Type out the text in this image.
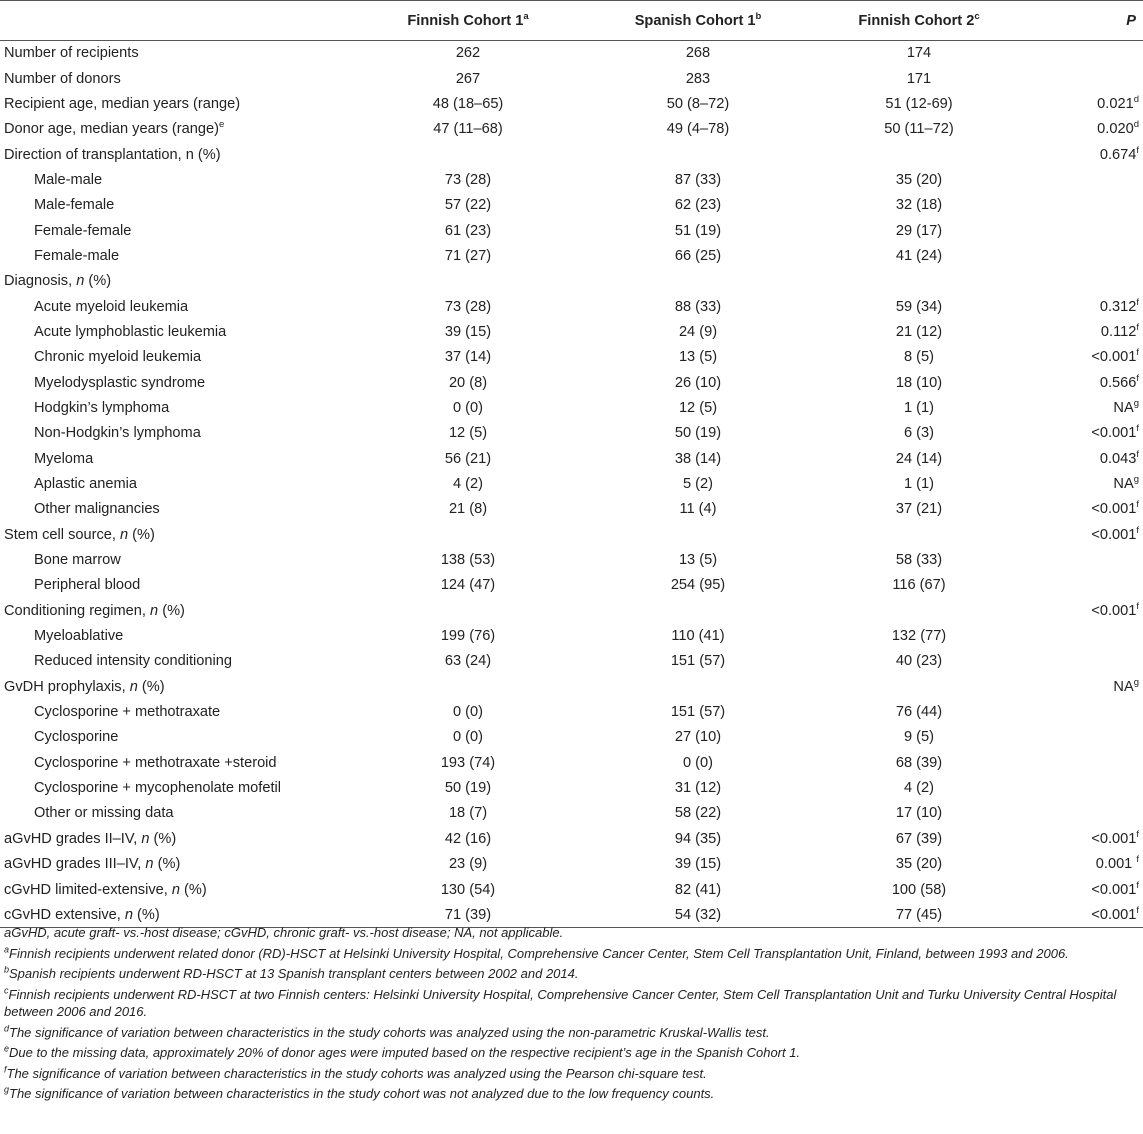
	Finnish Cohort 1$^a$	Spanish Cohort 1$^b$	Finnish Cohort 2$^c$	P
Number of recipients	262	268	174	
Number of donors	267	283	171	
Recipient age, median years (range)	48 (18–65)	50 (8–72)	51 (12-69)	0.021$^d$
Donor age, median years (range)$^e$	47 (11–68)	49 (4–78)	50 (11–72)	0.020$^d$
Direction of transplantation, n (%)				0.674$^f$
Male-male	73 (28)	87 (33)	35 (20)	
Male-female	57 (22)	62 (23)	32 (18)	
Female-female	61 (23)	51 (19)	29 (17)	
Female-male	71 (27)	66 (25)	41 (24)	
Diagnosis, n (%)				
Acute myeloid leukemia	73 (28)	88 (33)	59 (34)	0.312$^f$
Acute lymphoblastic leukemia	39 (15)	24 (9)	21 (12)	0.112$^f$
Chronic myeloid leukemia	37 (14)	13 (5)	8 (5)	<0.001$^f$
Myelodysplastic syndrome	20 (8)	26 (10)	18 (10)	0.566$^f$
Hodgkin’s lymphoma	0 (0)	12 (5)	1 (1)	$NA^g$
Non-Hodgkin’s lymphoma	12 (5)	50 (19)	6 (3)	<0.001$^f$
Myeloma	56 (21)	38 (14)	24 (14)	0.043$^f$
Aplastic anemia	4 (2)	5 (2)	1 (1)	$NA^g$
Other malignancies	21 (8)	11 (4)	37 (21)	<0.001$^f$
Stem cell source, n (%)				<0.001$^f$
Bone marrow	138 (53)	13 (5)	58 (33)	
Peripheral blood	124 (47)	254 (95)	116 (67)	
Conditioning regimen, n (%)				<0.001$^f$
Myeloablative	199 (76)	110 (41)	132 (77)	
Reduced intensity conditioning	63 (24)	151 (57)	40 (23)	
GvDH prophylaxis, n (%)				$NA^g$
Cyclosporine + methotraxate	0 (0)	151 (57)	76 (44)	
Cyclosporine	0 (0)	27 (10)	9 (5)	
Cyclosporine + methotraxate +steroid	193 (74)	0 (0)	68 (39)	
Cyclosporine + mycophenolate mofetil	50 (19)	31 (12)	4 (2)	
Other or missing data	18 (7)	58 (22)	17 (10)	
aGvHD grades II–IV, n (%)	42 (16)	94 (35)	67 (39)	<0.001$^f$
aGvHD grades III–IV, n (%)	23 (9)	39 (15)	35 (20)	0.001 $^f$
cGvHD limited-extensive, n (%)	130 (54)	82 (41)	100 (58)	<0.001$^f$
cGvHD extensive, n (%)	71 (39)	54 (32)	77 (45)	<0.001$^f$

aGvHD, acute graft- vs.-host disease; cGvHD, chronic graft- vs.-host disease; NA, not applicable.

$^a$Finnish recipients underwent related donor (RD)-HSCT at Helsinki University Hospital, Comprehensive Cancer Center, Stem Cell Transplantation Unit, Finland, between 1993 and 2006.

$^b$Spanish recipients underwent RD-HSCT at 13 Spanish transplant centers between 2002 and 2014.

$^c$Finnish recipients underwent RD-HSCT at two Finnish centers: Helsinki University Hospital, Comprehensive Cancer Center, Stem Cell Transplantation Unit and Turku University Central Hospital between 2006 and 2016.

$^d$The significance of variation between characteristics in the study cohorts was analyzed using the non-parametric Kruskal-Wallis test.

$^e$Due to the missing data, approximately 20% of donor ages were imputed based on the respective recipient’s age in the Spanish Cohort 1.

$^f$The significance of variation between characteristics in the study cohorts was analyzed using the Pearson chi-square test.

$^g$The significance of variation between characteristics in the study cohort was not analyzed due to the low frequency counts.
